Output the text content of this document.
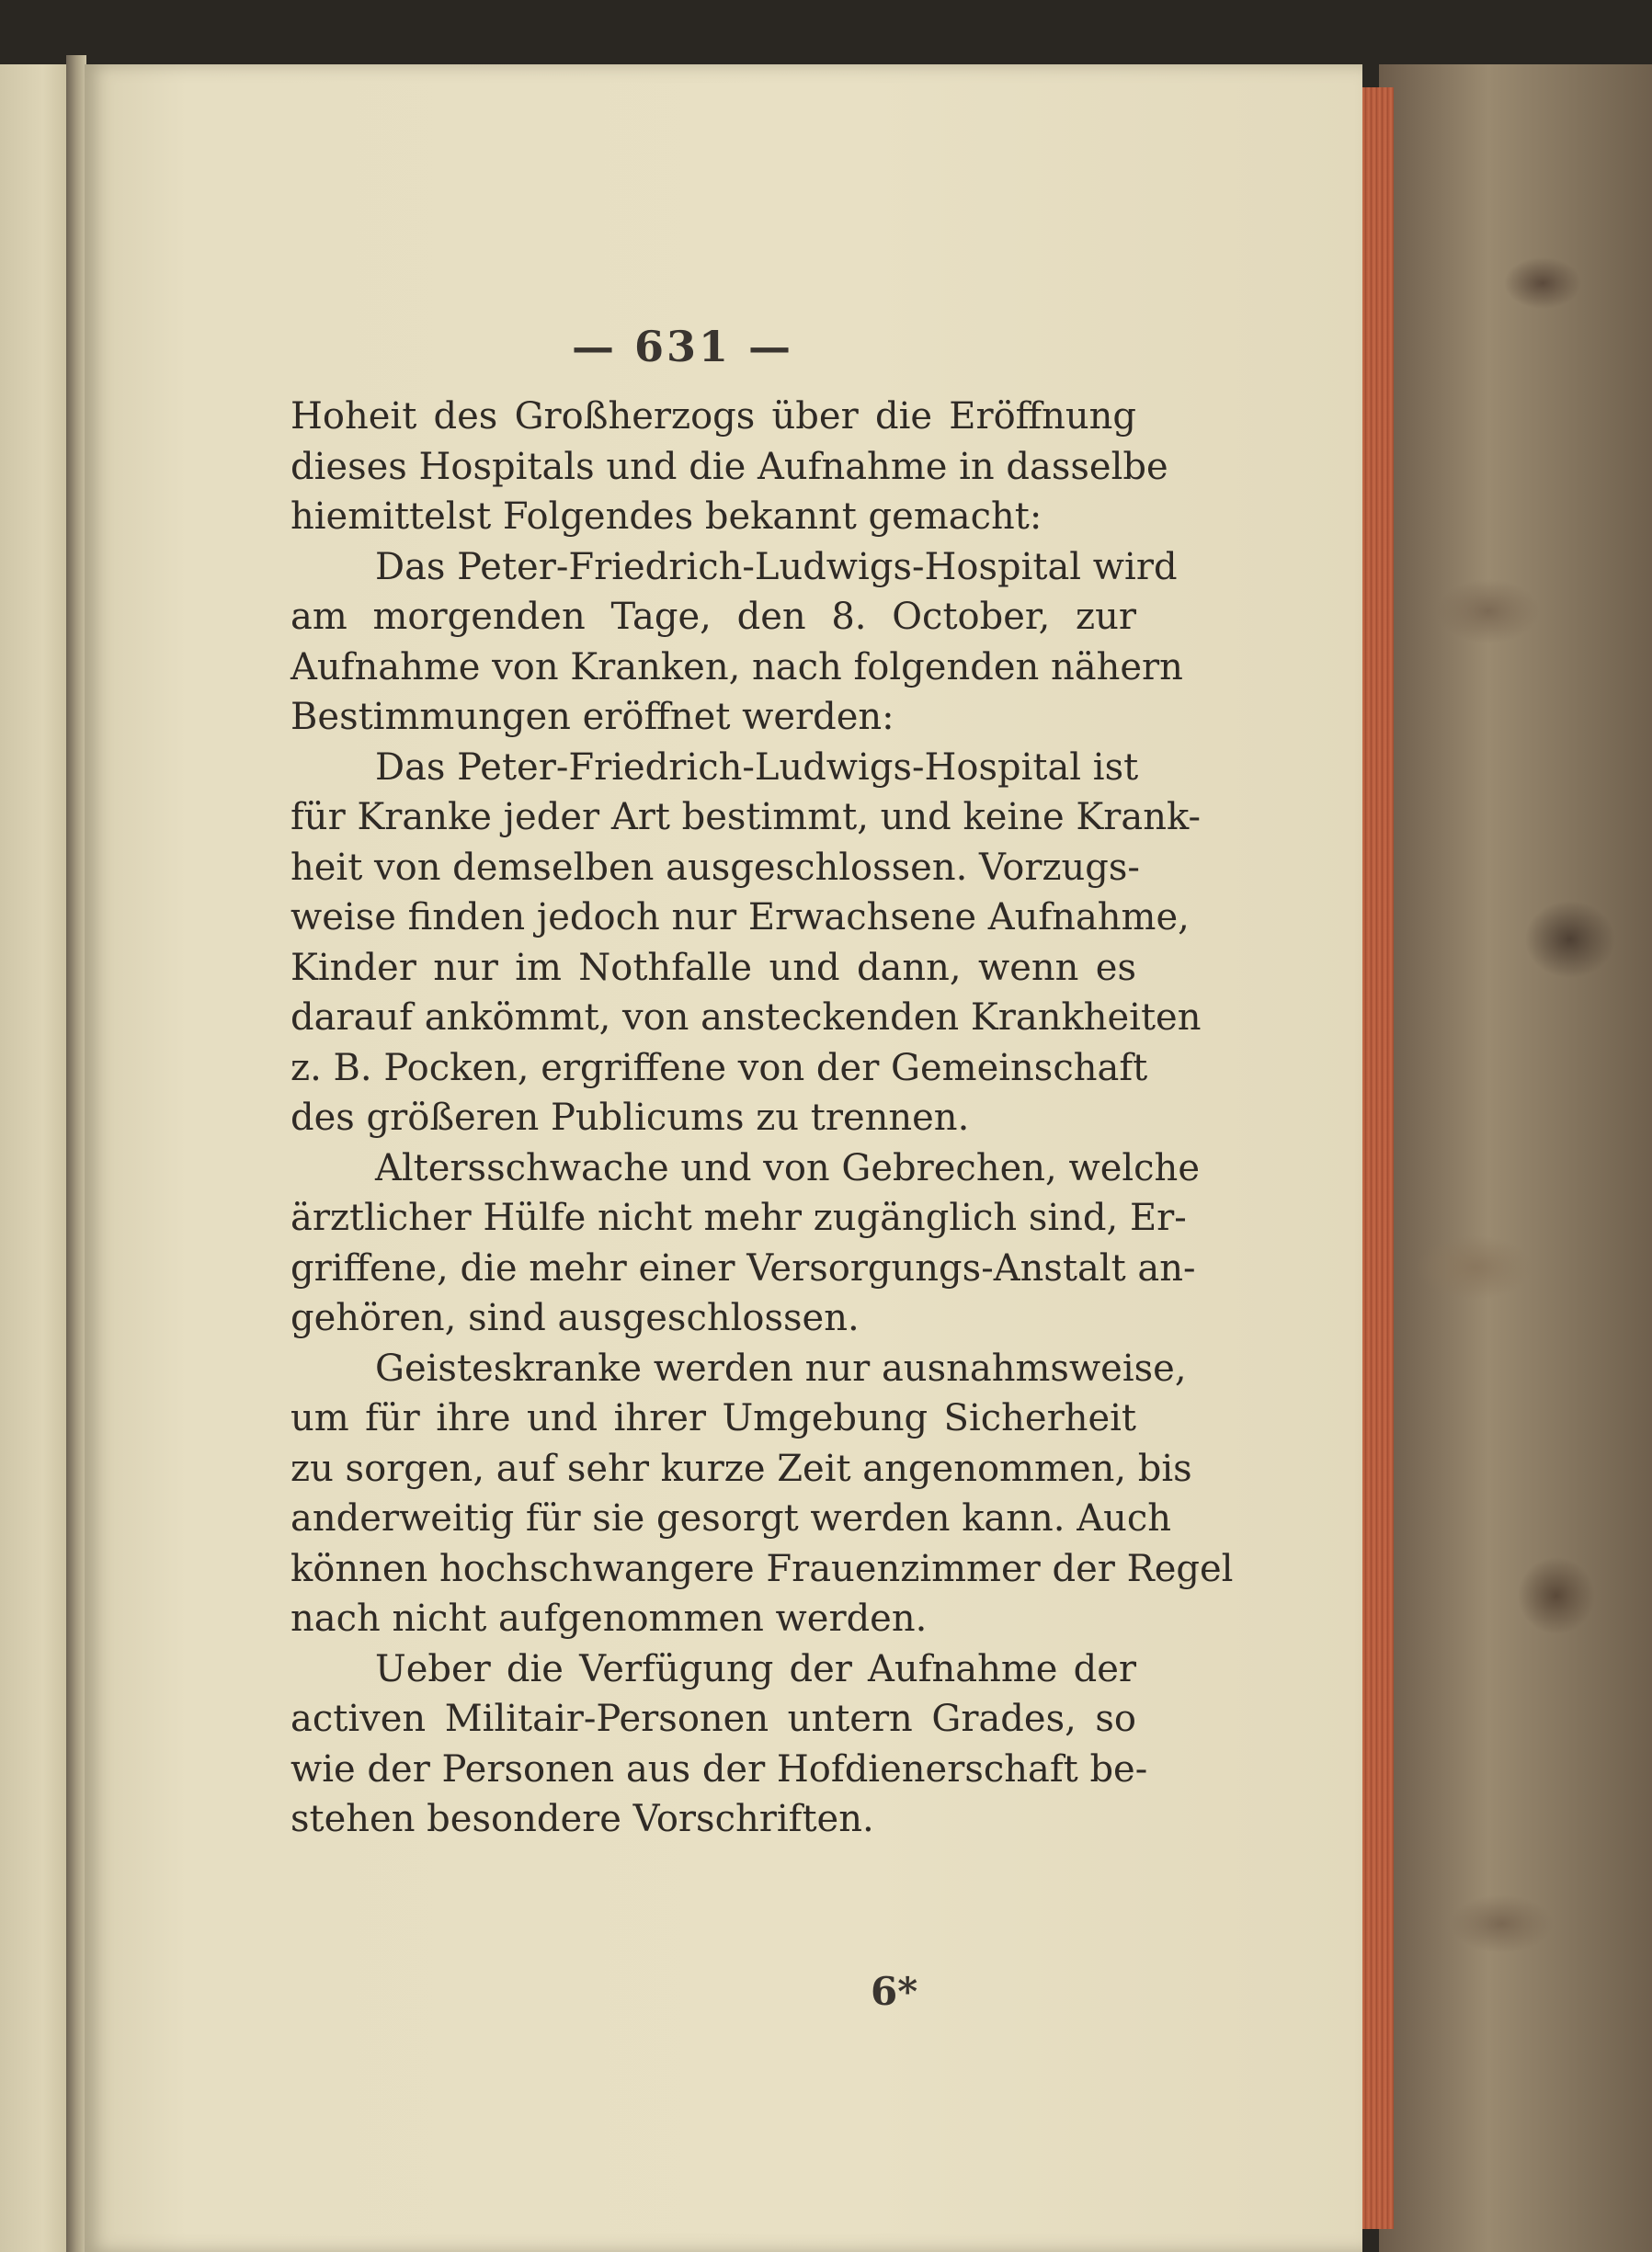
— 631 —
Hoheit des Großherzogs über die Eröffnung
dieses Hospitals und die Aufnahme in dasselbe
hiemittelst Folgendes bekannt gemacht:
Das Peter-Friedrich-Ludwigs-Hospital wird
am morgenden Tage, den 8. October, zur
Aufnahme von Kranken, nach folgenden nähern
Bestimmungen eröffnet werden:
Das Peter-Friedrich-Ludwigs-Hospital ist
für Kranke jeder Art bestimmt, und keine Krank-
heit von demselben ausgeschlossen. Vorzugs-
weise finden jedoch nur Erwachsene Aufnahme,
Kinder nur im Nothfalle und dann, wenn es
darauf ankömmt, von ansteckenden Krankheiten
z. B. Pocken, ergriffene von der Gemeinschaft
des größeren Publicums zu trennen.
Altersschwache und von Gebrechen, welche
ärztlicher Hülfe nicht mehr zugänglich sind, Er-
griffene, die mehr einer Versorgungs-Anstalt an-
gehören, sind ausgeschlossen.
Geisteskranke werden nur ausnahmsweise,
um für ihre und ihrer Umgebung Sicherheit
zu sorgen, auf sehr kurze Zeit angenommen, bis
anderweitig für sie gesorgt werden kann. Auch
können hochschwangere Frauenzimmer der Regel
nach nicht aufgenommen werden.
Ueber die Verfügung der Aufnahme der
activen Militair-Personen untern Grades, so
wie der Personen aus der Hofdienerschaft be-
stehen besondere Vorschriften.
6*
